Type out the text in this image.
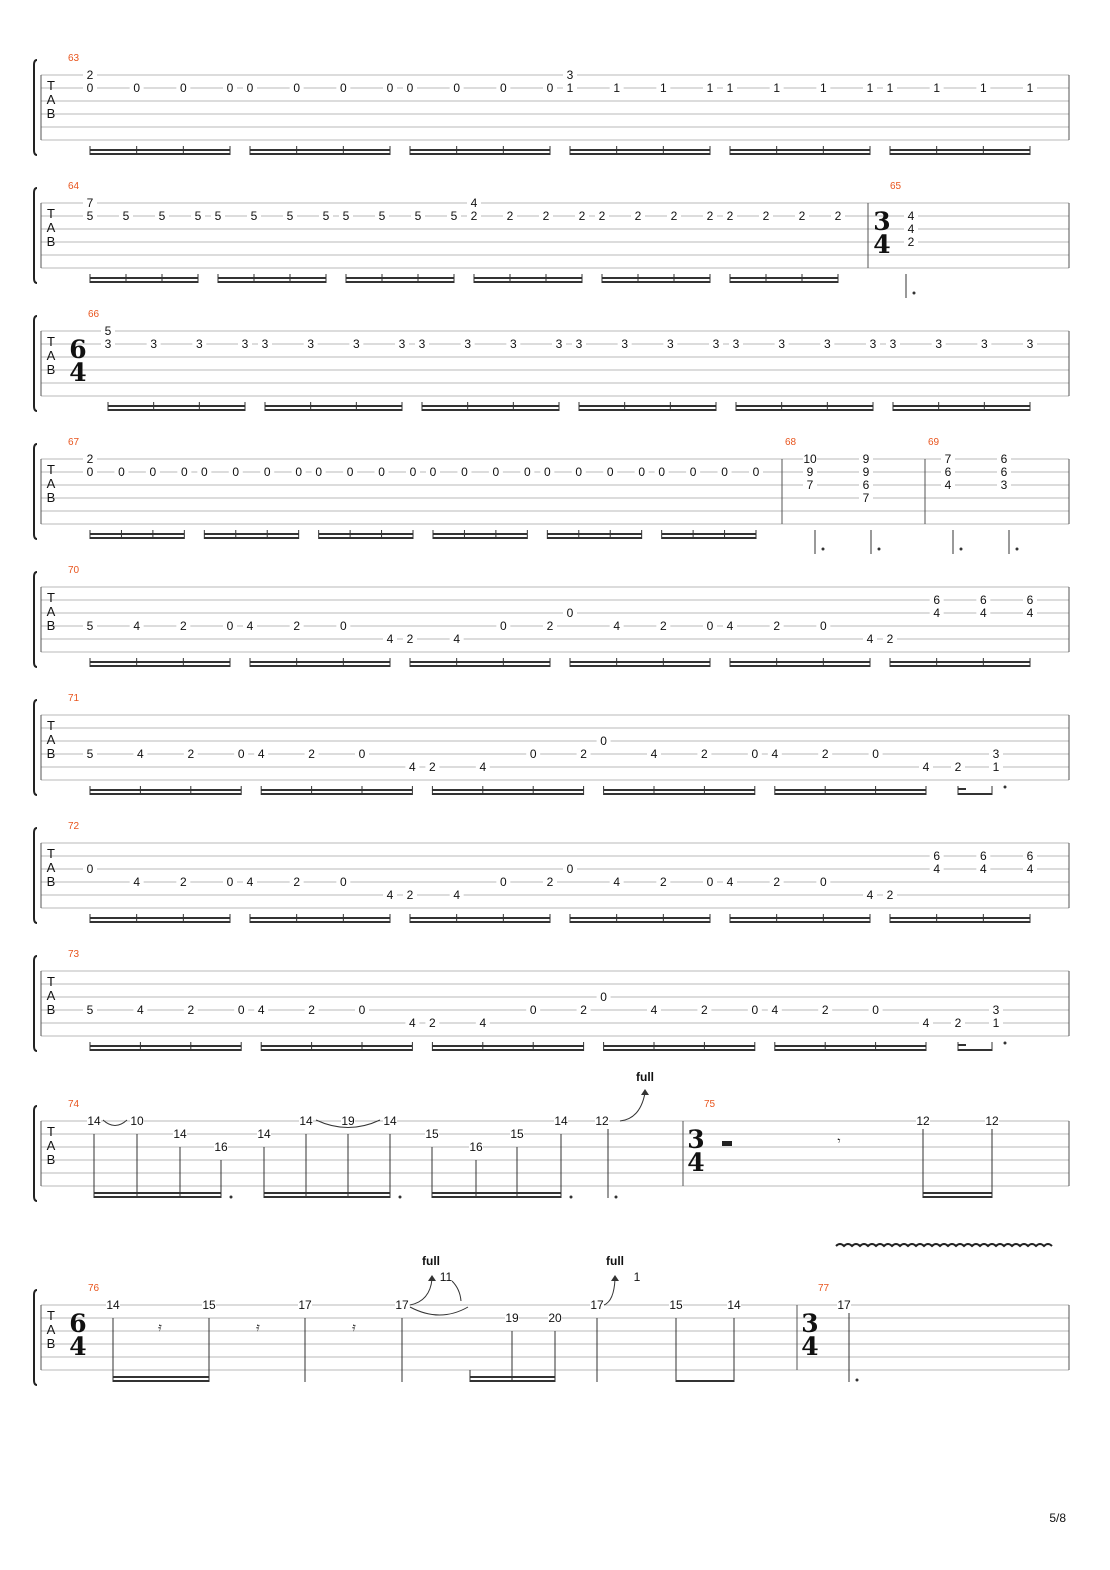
T
A
B
63
2
0	0	0	0 0	0	0	0 0	0	0	0
3
1	1	1	1 1	1	1	1 1	1	1	1
T
A
B
64
7
5 5 5 5 5 5 5 5 5 5 5 5
4
2 2 2 2 2 2 2 2 2 2 2 2
65
3
4
4
4
2
T
A
B
66
6
4
5
3	3	3	3 3	3	3	3 3	3	3	3 3	3	3	3 3	3	3	3 3	3	3	3
T
A
B
67
2
0 0 0 0 0 0 0 0 0 0 0 0 0 0 0 0 0 0 0 0 0 0 0 0
68
10
9
7
9
9
6
7
69
7
6
4
6
6
3
T
A
B
70
5	4	2	0 4	2	0
4 2	4
0	2
0
4	2	0 4	2	0
4 2
6
4
6
4
6
4
T
A
B
72
0
4	2	0 4	2	0
4 2	4
0	2
0
4	2	0 4	2	0
4 2
6
4
6
4
6
4
T
A
B
71
5	4	2	0 4	2	0
4 2	4
0	2
0
4	2	0 4	2	0
4 2
3
1
T
A
B
73
5	4	2	0 4	2	0
4 2	4
0	2
0
4	2	0 4	2	0
4 2
3
1
T
A
B
74
14 10
14
16
14
14 19 14
15
16
15
14 12
full
75
3
4
𝄾
12	12
T
A
B
76
6
4
14	15	17	17
19 20
17	15	14
𝄿	𝄿	𝄿
full
11
full
1
77
3
4
17
5/8
